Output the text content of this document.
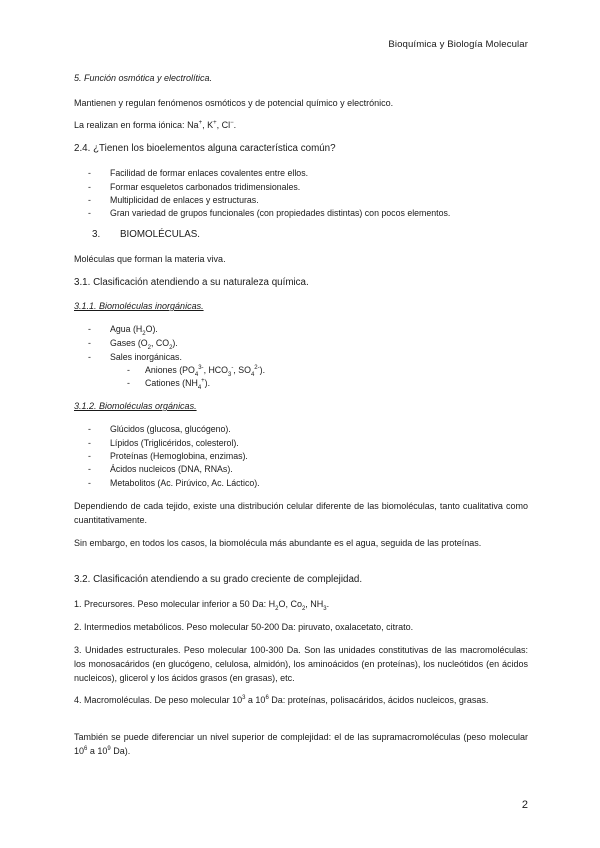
Bioquímica y Biología Molecular
5. Función osmótica y electrolítica.
Mantienen y regulan fenómenos osmóticos y de potencial químico y electrónico.
La realizan en forma iónica: Na+, K+, Cl−.
2.4. ¿Tienen los bioelementos alguna característica común?
- Facilidad de formar enlaces covalentes entre ellos.
- Formar esqueletos carbonados tridimensionales.
- Multiplicidad de enlaces y estructuras.
- Gran variedad de grupos funcionales (con propiedades distintas) con pocos elementos.
3. BIOMOLÉCULAS.
Moléculas que forman la materia viva.
3.1. Clasificación atendiendo a su naturaleza química.
3.1.1. Biomoléculas inorgánicas.
- Agua $(H_2O)$.
- Gases ($O_2$, $CO_2$).
- Sales inorgánicas.
- Aniones ($PO_4^{3-}$, $HCO_3^-$, $SO_4^{2-}$).
- Cationes $(NH_4^+)$.
3.1.2. Biomoléculas orgánicas.
- Glúcidos (glucosa, glucógeno).
- Lípidos (Triglicéridos, colesterol).
- Proteínas (Hemoglobina, enzimas).
- Ácidos nucleicos (DNA, RNAs).
- Metabolitos (Ac. Pirúvico, Ac. Láctico).
Dependiendo de cada tejido, existe una distribución celular diferente de las biomoléculas, tanto cualitativa como cuantitativamente.
Sin embargo, en todos los casos, la biomolécula más abundante es el agua, seguida de las proteínas.
3.2. Clasificación atendiendo a su grado creciente de complejidad.
1. Precursores. Peso molecular inferior a 50 Da: $H_2O$, $Co_2$, $NH_3$.
2. Intermedios metabólicos. Peso molecular 50-200 Da: piruvato, oxalacetato, citrato.
3. Unidades estructurales. Peso molecular 100-300 Da. Son las unidades constitutivas de las macromoléculas: los monosacáridos (en glucógeno, celulosa, almidón), los aminoácidos (en proteínas), los nucleótidos (en ácidos nucleicos), glicerol y los ácidos grasos (en grasas), etc.
4. Macromoléculas. De peso molecular $10^3$ a $10^6$ Da: proteínas, polisacáridos, ácidos nucleicos, grasas.
También se puede diferenciar un nivel superior de complejidad: el de las supramacromoléculas (peso molecular $10^6$ a $10^9$ Da).
2
